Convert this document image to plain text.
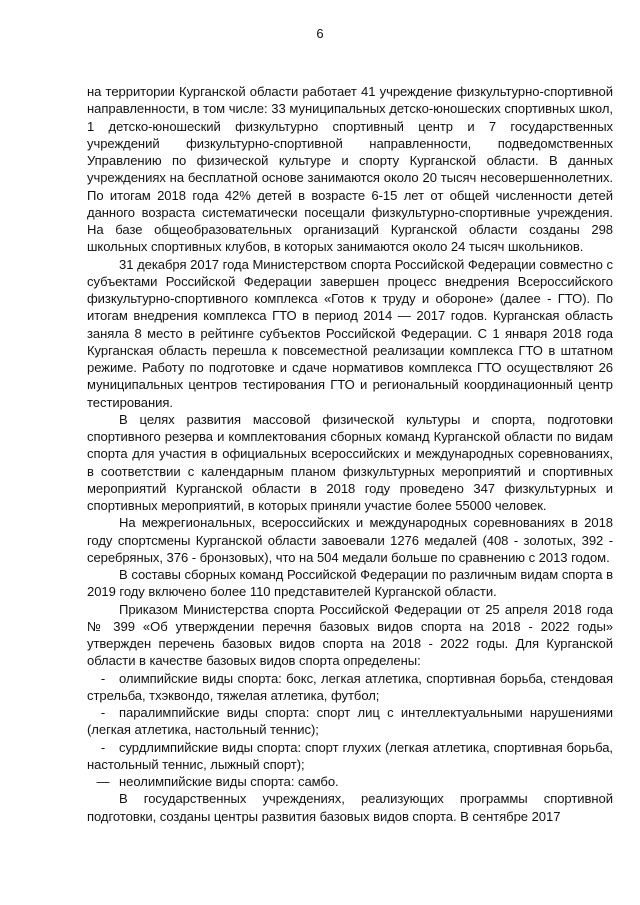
6

на территории Курганской области работает 41 учреждение физкультурно-спортивной направленности, в том числе: 33 муниципальных детско-юношеских спортивных школ, 1 детско-юношеский физкультурно спортивный центр и 7 государственных учреждений физкультурно-спортивной направленности, подведомственных Управлению по физической культуре и спорту Курганской области. В данных учреждениях на бесплатной основе занимаются около 20 тысяч несовершеннолетних. По итогам 2018 года 42% детей в возрасте 6-15 лет от общей численности детей данного возраста систематически посещали физкультурно-спортивные учреждения. На базе общеобразовательных организаций Курганской области созданы 298 школьных спортивных клубов, в которых занимаются около 24 тысяч школьников.

31 декабря 2017 года Министерством спорта Российской Федерации совместно с субъектами Российской Федерации завершен процесс внедрения Всероссийского физкультурно-спортивного комплекса «Готов к труду и обороне» (далее - ГТО). По итогам внедрения комплекса ГТО в период 2014 — 2017 годов. Курганская область заняла 8 место в рейтинге субъектов Российской Федерации. С 1 января 2018 года Курганская область перешла к повсеместной реализации комплекса ГТО в штатном режиме. Работу по подготовке и сдаче нормативов комплекса ГТО осуществляют 26 муниципальных центров тестирования ГТО и региональный координационный центр тестирования.

В целях развития массовой физической культуры и спорта, подготовки спортивного резерва и комплектования сборных команд Курганской области по видам спорта для участия в официальных всероссийских и международных соревнованиях, в соответствии с календарным планом физкультурных мероприятий и спортивных мероприятий Курганской области в 2018 году проведено 347 физкультурных и спортивных мероприятий, в которых приняли участие более 55000 человек.

На межрегиональных, всероссийских и международных соревнованиях в 2018 году спортсмены Курганской области завоевали 1276 медалей (408 - золотых, 392 - серебряных, 376 - бронзовых), что на 504 медали больше по сравнению с 2013 годом.

В составы сборных команд Российской Федерации по различным видам спорта в 2019 году включено более 110 представителей Курганской области.

Приказом Министерства спорта Российской Федерации от 25 апреля 2018 года № 399 «Об утверждении перечня базовых видов спорта на 2018 - 2022 годы» утвержден перечень базовых видов спорта на 2018 - 2022 годы. Для Курганской области в качестве базовых видов спорта определены:

- олимпийские виды спорта: бокс, легкая атлетика, спортивная борьба, стендовая стрельба, тхэквондо, тяжелая атлетика, футбол;

- паралимпийские виды спорта: спорт лиц с интеллектуальными нарушениями (легкая атлетика, настольный теннис);

- сурдлимпийские виды спорта: спорт глухих (легкая атлетика, спортивная борьба, настольный теннис, лыжный спорт);

— неолимпийские виды спорта: самбо.

В государственных учреждениях, реализующих программы спортивной подготовки, созданы центры развития базовых видов спорта. В сентябре 2017
